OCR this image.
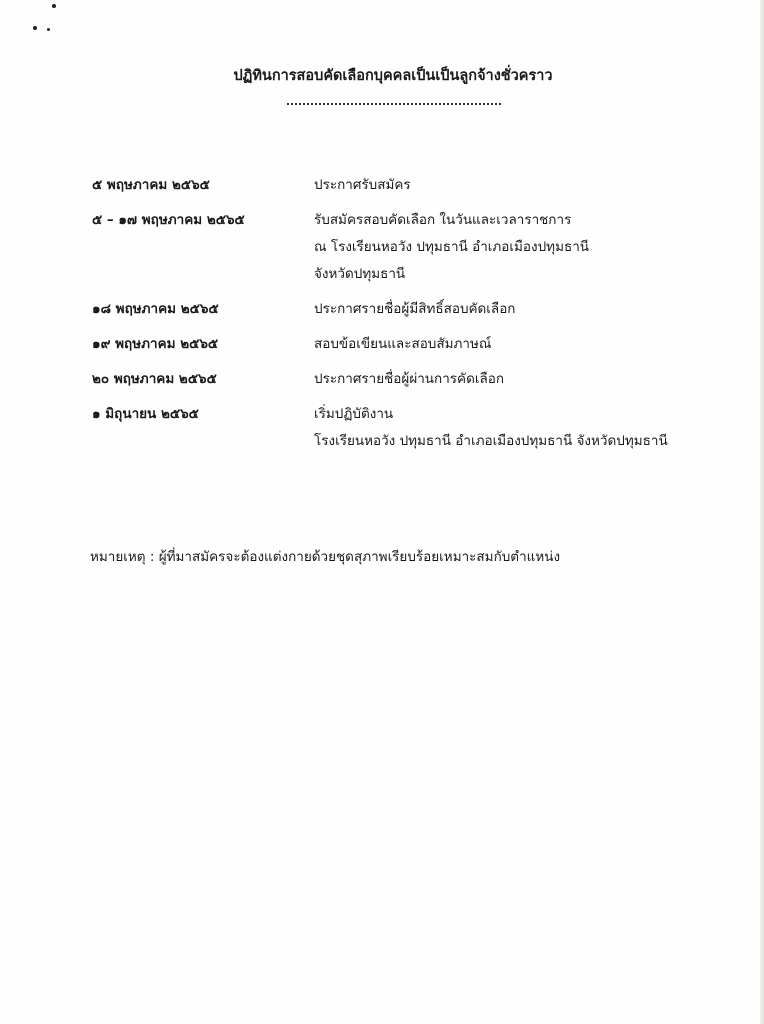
ปฏิทินการสอบคัดเลือกบุคคลเป็นเป็นลูกจ้างชั่วคราว
๕ พฤษภาคม ๒๕๖๕	ประกาศรับสมัคร
๕ – ๑๗ พฤษภาคม ๒๕๖๕	รับสมัครสอบคัดเลือก ในวันและเวลาราชการ
ณ โรงเรียนหอวัง ปทุมธานี อำเภอเมืองปทุมธานี
จังหวัดปทุมธานี
๑๘ พฤษภาคม ๒๕๖๕	ประกาศรายชื่อผู้มีสิทธิ์สอบคัดเลือก
๑๙ พฤษภาคม ๒๕๖๕	สอบข้อเขียนและสอบสัมภาษณ์
๒๐ พฤษภาคม ๒๕๖๕	ประกาศรายชื่อผู้ผ่านการคัดเลือก
๑ มิถุนายน ๒๕๖๕	เริ่มปฏิบัติงาน
โรงเรียนหอวัง ปทุมธานี อำเภอเมืองปทุมธานี จังหวัดปทุมธานี
หมายเหตุ : ผู้ที่มาสมัครจะต้องแต่งกายด้วยชุดสุภาพเรียบร้อยเหมาะสมกับตำแหน่ง
